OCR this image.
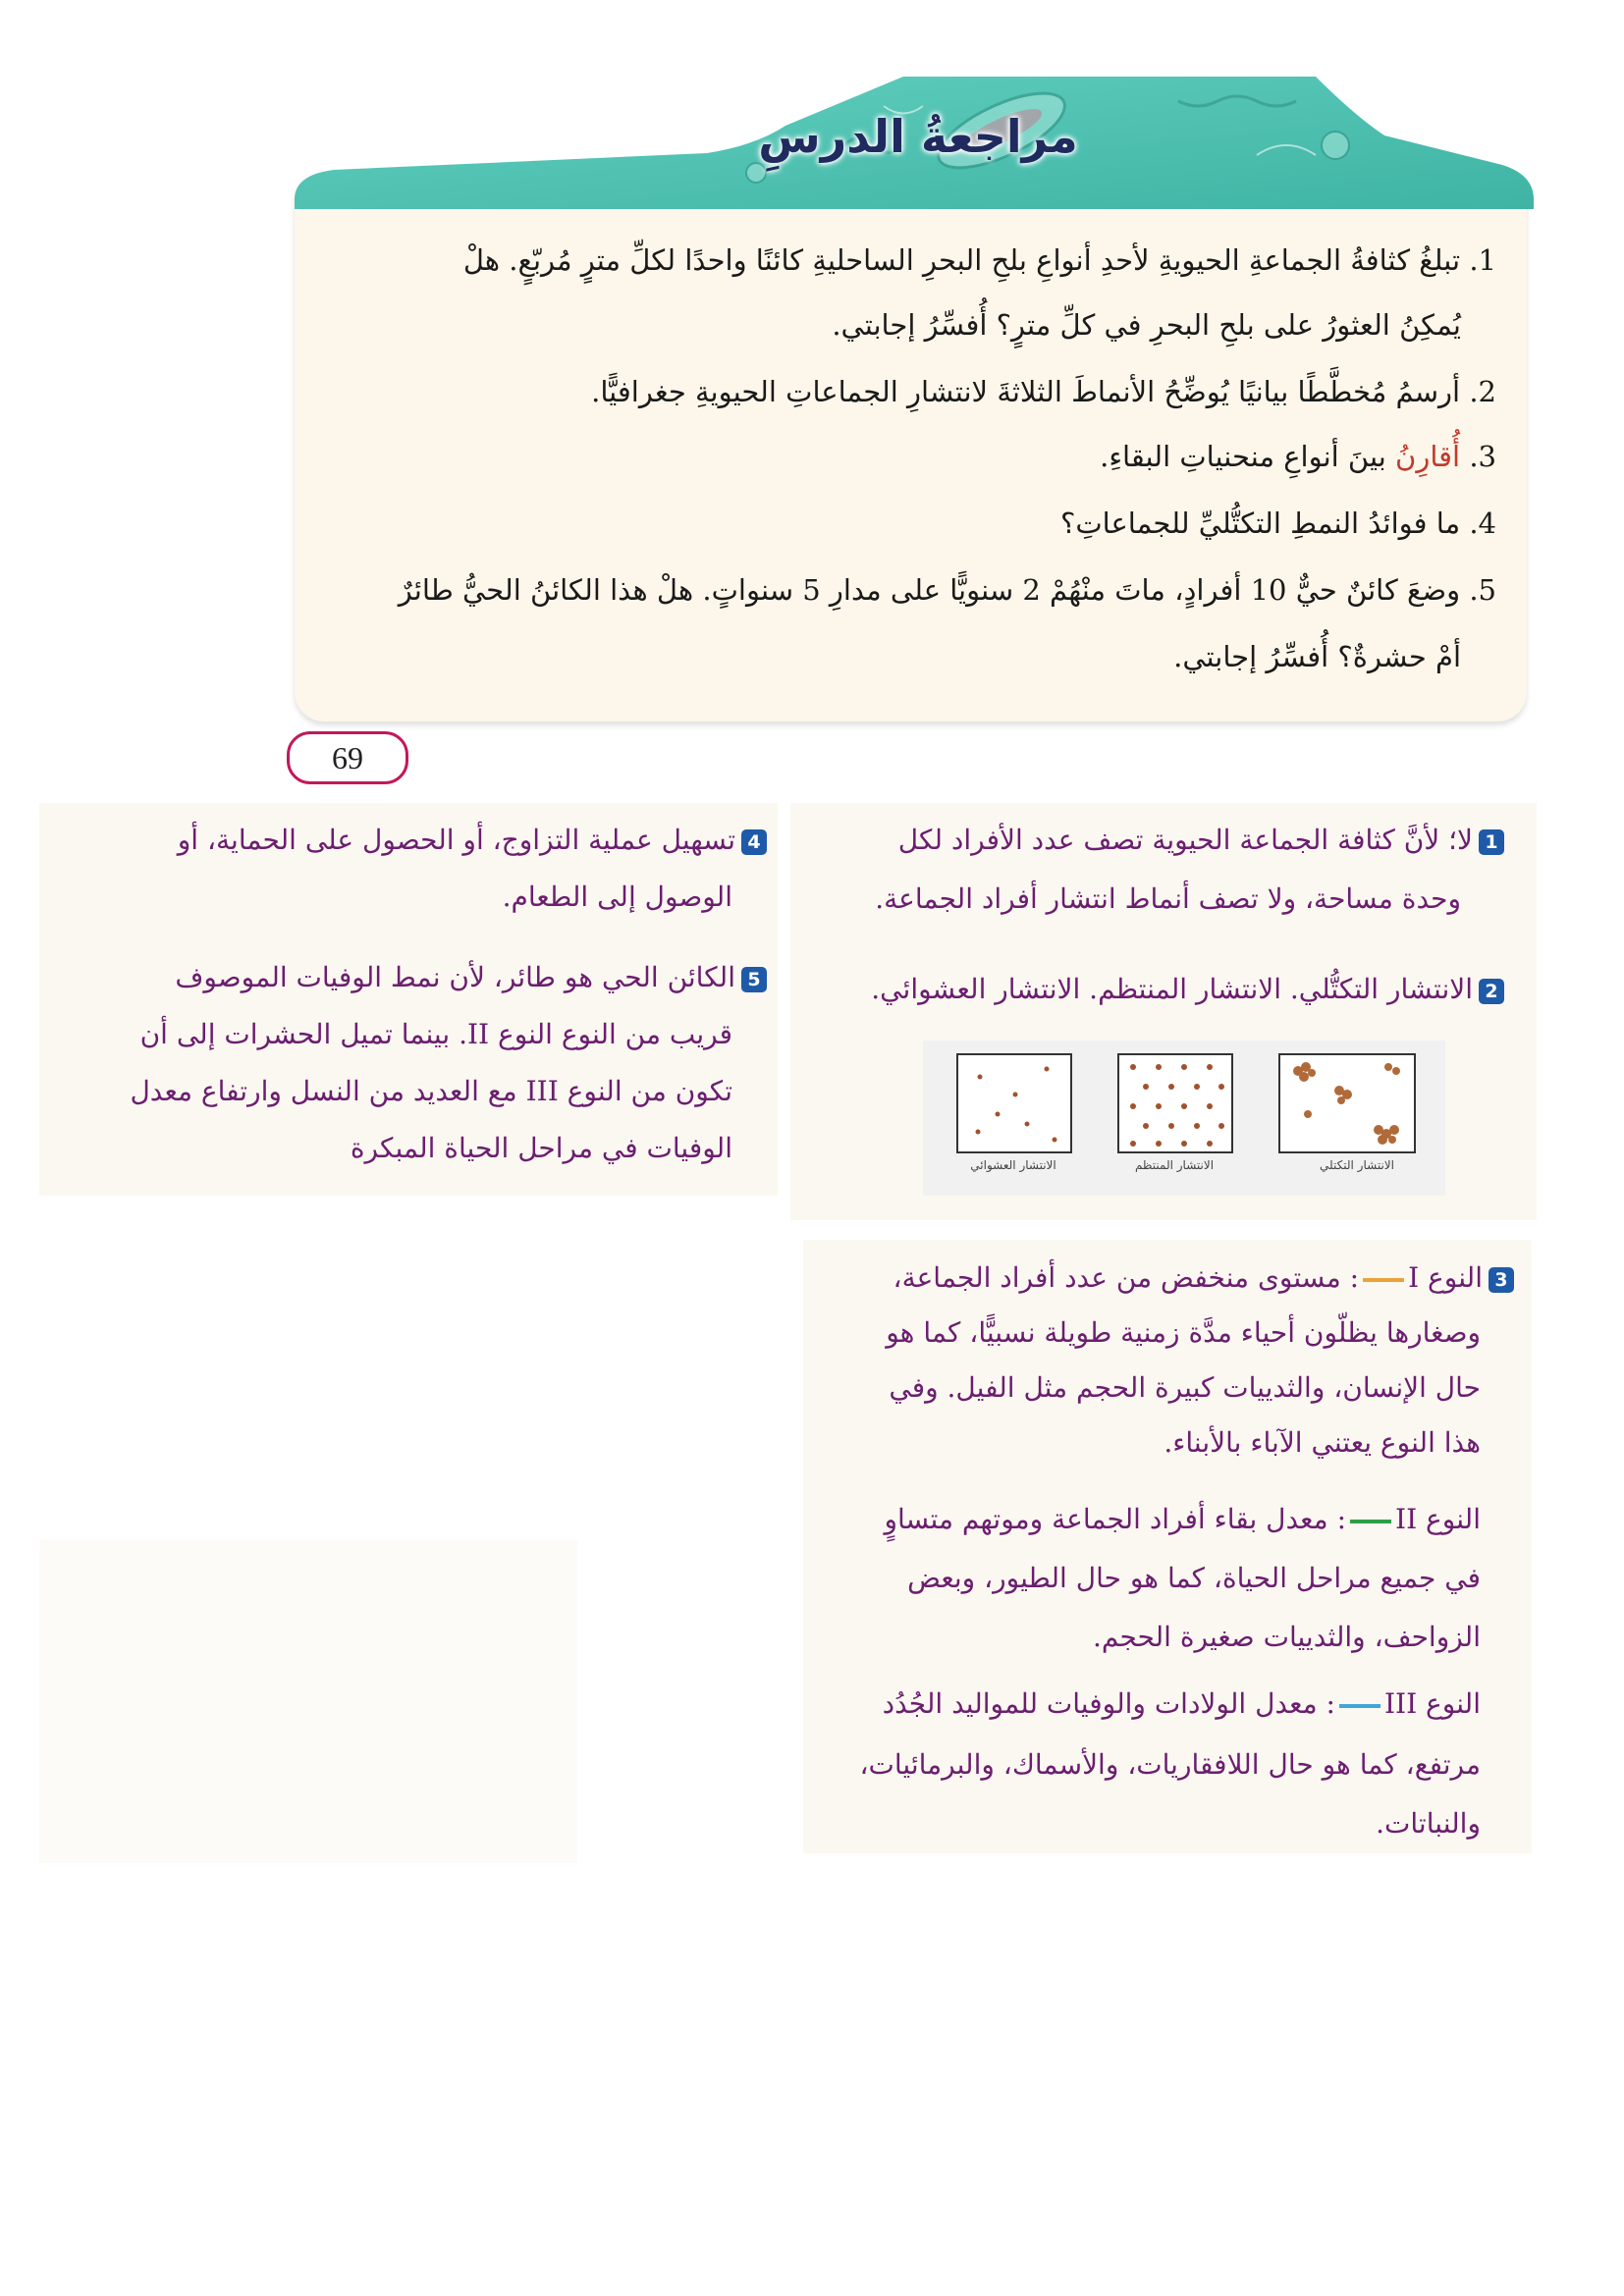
مراجعةُ الدرسِ
1. تبلغُ كثافةُ الجماعةِ الحيويةِ لأحدِ أنواعِ بلحِ البحرِ الساحليةِ كائنًا واحدًا لكلِّ مترٍ مُربّعٍ. هلْ
يُمكِنُ العثورُ على بلحِ البحرِ في كلِّ مترٍ؟ أُفسِّرُ إجابتي.
2. أرسمُ مُخطَّطًا بيانيًا يُوضِّحُ الأنماطَ الثلاثةَ لانتشارِ الجماعاتِ الحيويةِ جغرافيًّا.
3. أُقارِنُ بينَ أنواعِ منحنياتِ البقاءِ.
4. ما فوائدُ النمطِ التكتُّليِّ للجماعاتِ؟
5. وضعَ كائنٌ حيٌّ 10 أفرادٍ، ماتَ منْهُمْ 2 سنويًّا على مدارِ 5 سنواتٍ. هلْ هذا الكائنُ الحيُّ طائرٌ
أمْ حشرةٌ؟ أُفسِّرُ إجابتي.
69
1لا؛ لأنَّ كثافة الجماعة الحيوية تصف عدد الأفراد لكل
وحدة مساحة، ولا تصف أنماط انتشار أفراد الجماعة.
2الانتشار التكتُّلي. الانتشار المنتظم. الانتشار العشوائي.
الانتشار التكتلي
الانتشار المنتظم
الانتشار العشوائي
4تسهيل عملية التزاوج، أو الحصول على الحماية، أو
الوصول إلى الطعام.
5الكائن الحي هو طائر، لأن نمط الوفيات الموصوف
قريب من النوع النوع II. بينما تميل الحشرات إلى أن
تكون من النوع III مع العديد من النسل وارتفاع معدل
الوفيات في مراحل الحياة المبكرة
3النوع I: مستوى منخفض من عدد أفراد الجماعة،
وصغارها يظلّون أحياء مدَّة زمنية طويلة نسبيًّا، كما هو
حال الإنسان، والثدييات كبيرة الحجم مثل الفيل. وفي
هذا النوع يعتني الآباء بالأبناء.
النوع II: معدل بقاء أفراد الجماعة وموتهم متساوٍ
في جميع مراحل الحياة، كما هو حال الطيور، وبعض
الزواحف، والثدييات صغيرة الحجم.
النوع III: معدل الولادات والوفيات للمواليد الجُدُد
مرتفع، كما هو حال اللافقاريات، والأسماك، والبرمائيات،
والنباتات.
